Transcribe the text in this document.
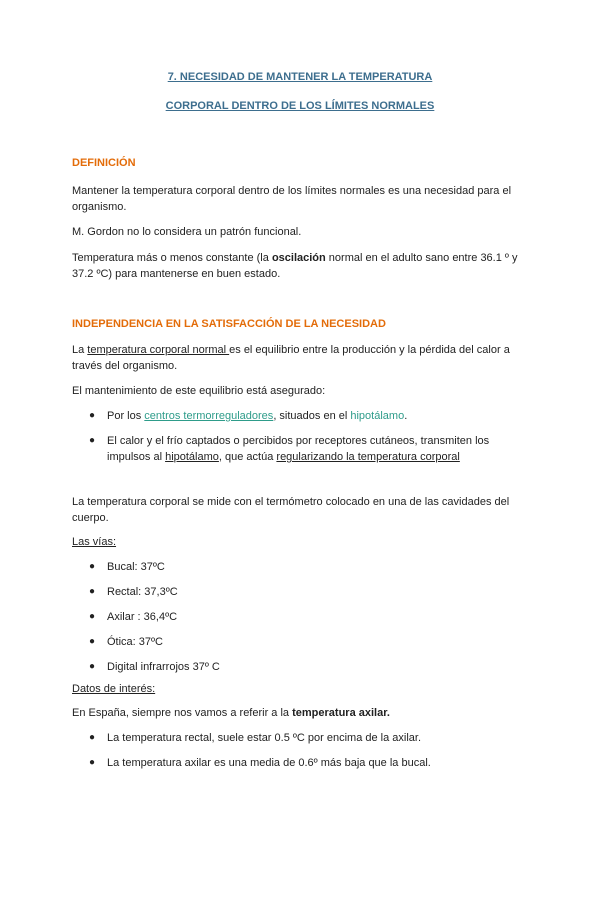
7. NECESIDAD DE MANTENER LA TEMPERATURA
CORPORAL DENTRO DE LOS LÍMITES NORMALES
DEFINICIÓN

Mantener la temperatura corporal dentro de los límites normales es una necesidad para el organismo.

M. Gordon no lo considera un patrón funcional.

Temperatura más o menos constante (la oscilación normal en el adulto sano entre 36.1 º y 37.2 ºC) para mantenerse en buen estado.

INDEPENDENCIA EN LA SATISFACCIÓN DE LA NECESIDAD

La temperatura corporal normal es el equilibrio entre la producción y la pérdida del calor a través del organismo.

El mantenimiento de este equilibrio está asegurado:

● Por los centros termorreguladores, situados en el hipotálamo.
● El calor y el frío captados o percibidos por receptores cutáneos, transmiten los impulsos al hipotálamo, que actúa regularizando la temperatura corporal

La temperatura corporal se mide con el termómetro colocado en una de las cavidades del cuerpo.

Las vías:

● Bucal: 37ºC
● Rectal: 37,3ºC
● Axilar : 36,4ºC
● Ótica: 37ºC
● Digital infrarrojos 37º C

Datos de interés:

En España, siempre nos vamos a referir a la temperatura axilar.

● La temperatura rectal, suele estar 0.5 ºC por encima de la axilar.
● La temperatura axilar es una media de 0.6º más baja que la bucal.
